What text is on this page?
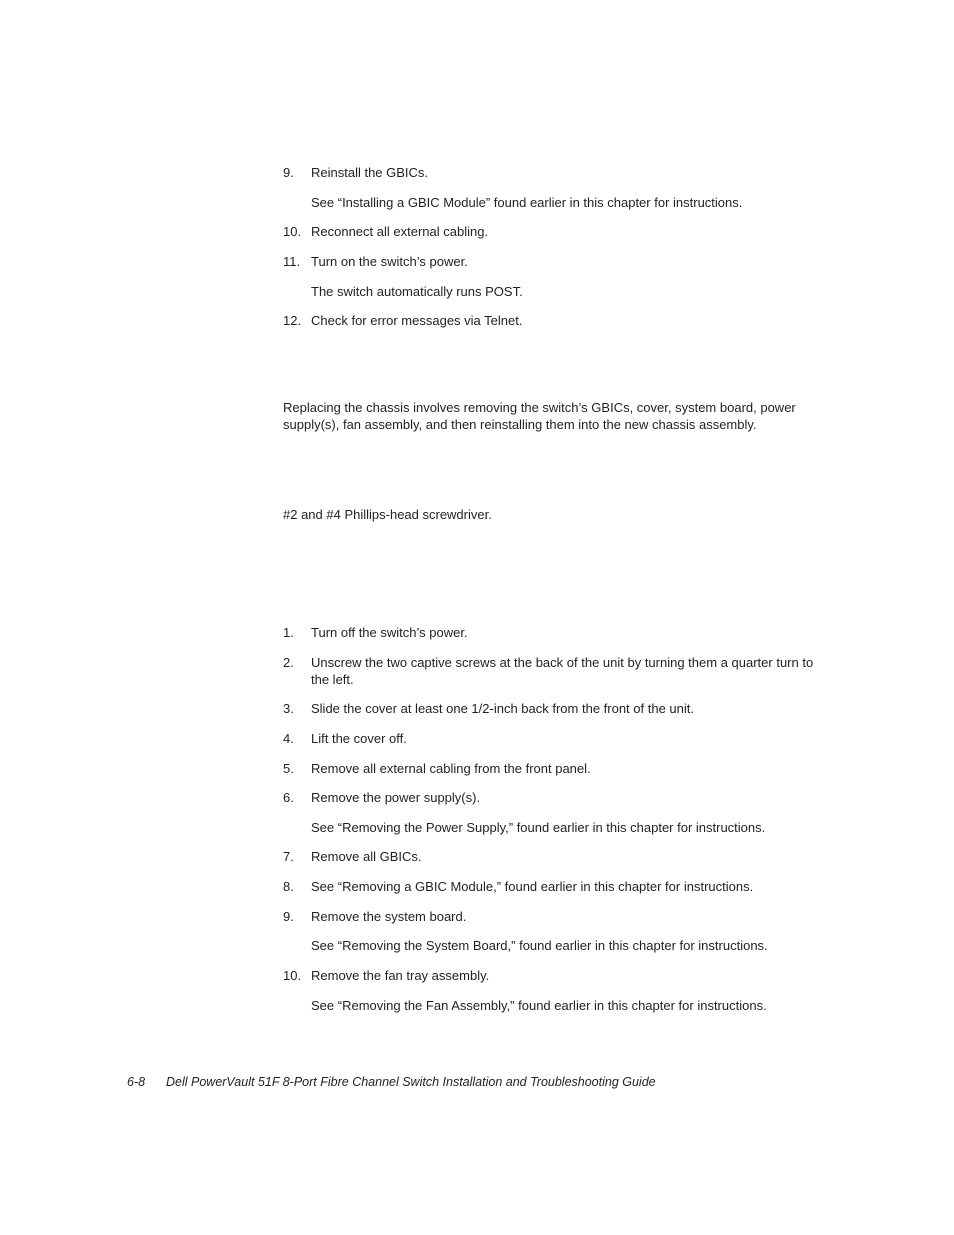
9. Reinstall the GBICs.

See “Installing a GBIC Module” found earlier in this chapter for instructions.

10. Reconnect all external cabling.

11. Turn on the switch’s power.

The switch automatically runs POST.

12. Check for error messages via Telnet.

Replacing the chassis involves removing the switch’s GBICs, cover, system board, power supply(s), fan assembly, and then reinstalling them into the new chassis assembly.

#2 and #4 Phillips-head screwdriver.

1. Turn off the switch’s power.

2. Unscrew the two captive screws at the back of the unit by turning them a quarter turn to the left.

3. Slide the cover at least one 1/2-inch back from the front of the unit.

4. Lift the cover off.

5. Remove all external cabling from the front panel.

6. Remove the power supply(s).

See “Removing the Power Supply,” found earlier in this chapter for instructions.

7. Remove all GBICs.

8. See “Removing a GBIC Module,” found earlier in this chapter for instructions.

9. Remove the system board.

See “Removing the System Board,” found earlier in this chapter for instructions.

10. Remove the fan tray assembly.

See “Removing the Fan Assembly,” found earlier in this chapter for instructions.

6-8 Dell PowerVault 51F 8-Port Fibre Channel Switch Installation and Troubleshooting Guide
